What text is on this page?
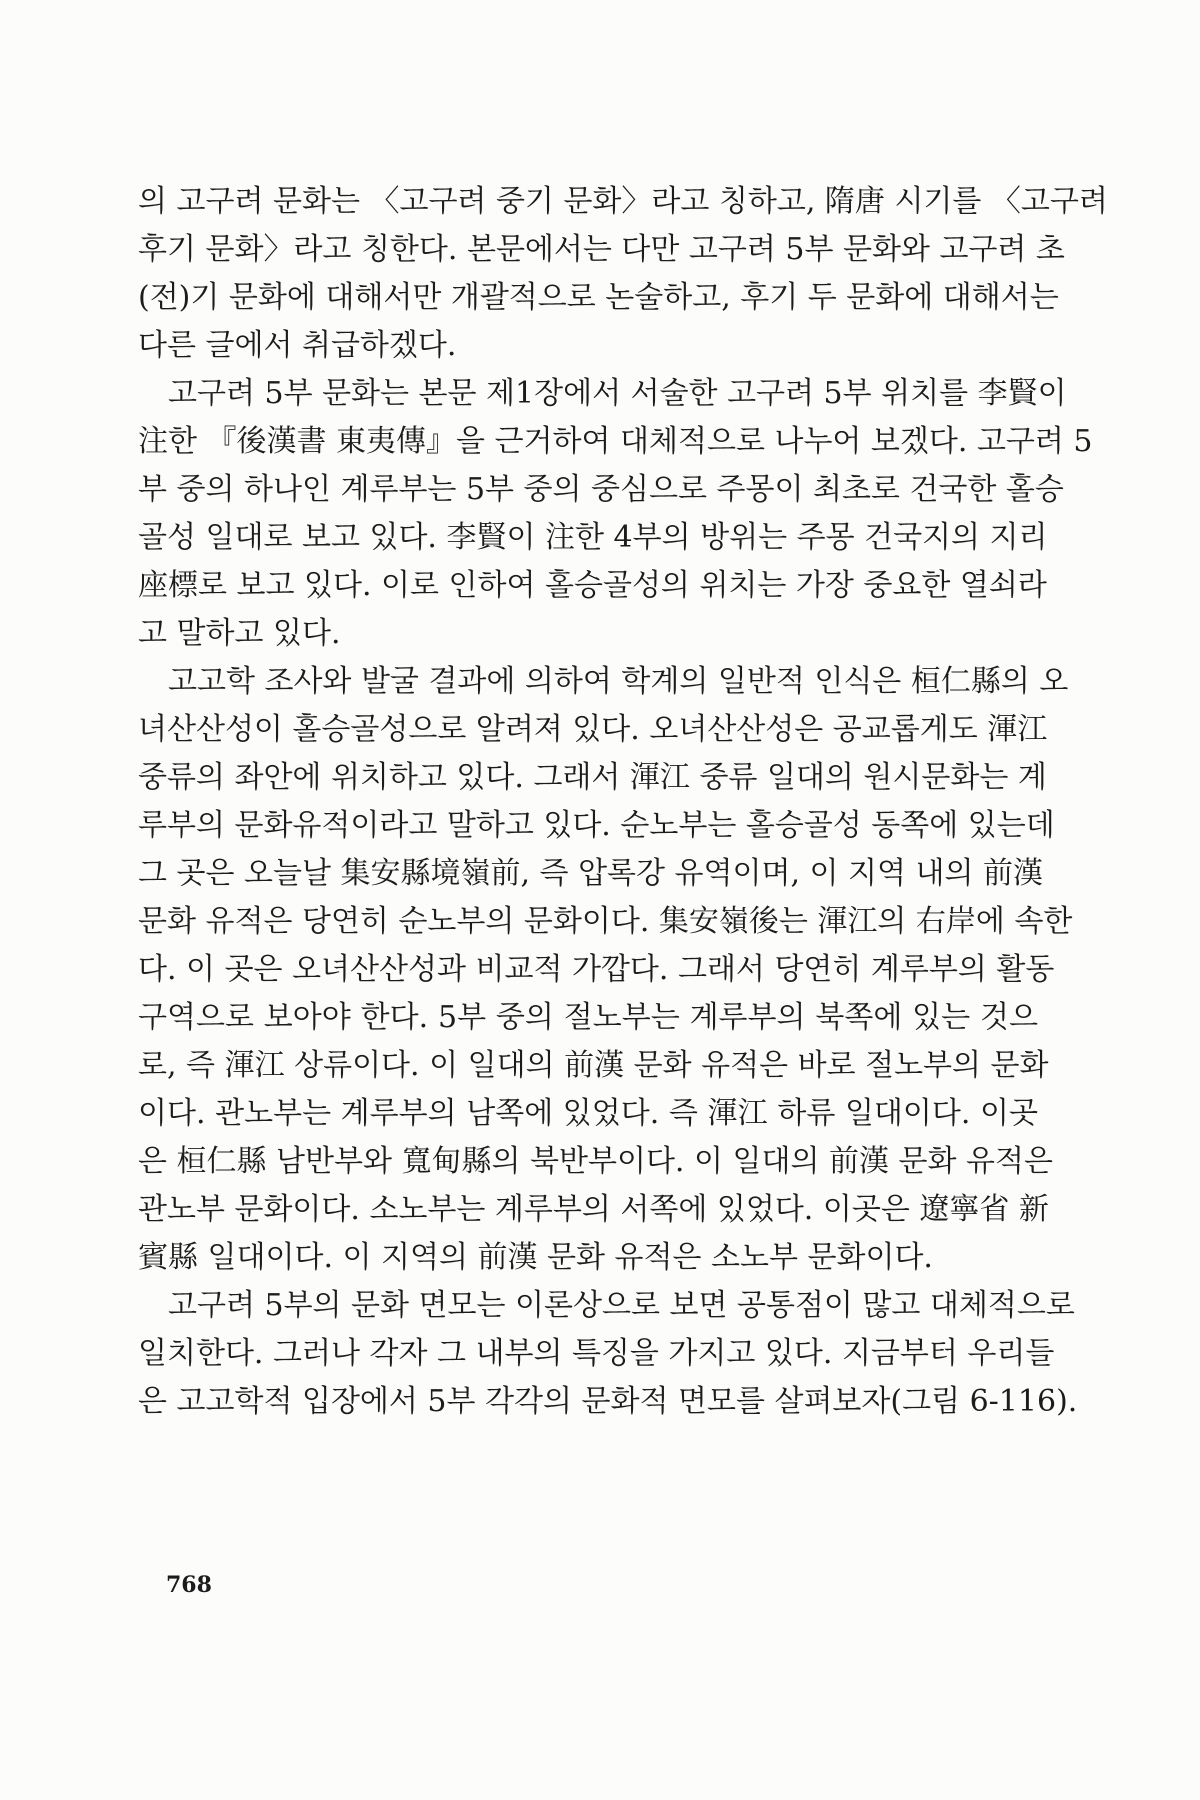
의 고구려 문화는 〈고구려 중기 문화〉라고 칭하고, 隋唐 시기를 〈고구려
후기 문화〉라고 칭한다. 본문에서는 다만 고구려 5부 문화와 고구려 초
(전)기 문화에 대해서만 개괄적으로 논술하고, 후기 두 문화에 대해서는
다른 글에서 취급하겠다.
고구려 5부 문화는 본문 제1장에서 서술한 고구려 5부 위치를 李賢이
注한 『後漢書 東夷傳』을 근거하여 대체적으로 나누어 보겠다. 고구려 5
부 중의 하나인 계루부는 5부 중의 중심으로 주몽이 최초로 건국한 홀승
골성 일대로 보고 있다. 李賢이 注한 4부의 방위는 주몽 건국지의 지리
座標로 보고 있다. 이로 인하여 홀승골성의 위치는 가장 중요한 열쇠라
고 말하고 있다.
고고학 조사와 발굴 결과에 의하여 학계의 일반적 인식은 桓仁縣의 오
녀산산성이 홀승골성으로 알려져 있다. 오녀산산성은 공교롭게도 渾江
중류의 좌안에 위치하고 있다. 그래서 渾江 중류 일대의 원시문화는 계
루부의 문화유적이라고 말하고 있다. 순노부는 홀승골성 동쪽에 있는데
그 곳은 오늘날 集安縣境嶺前, 즉 압록강 유역이며, 이 지역 내의 前漢
문화 유적은 당연히 순노부의 문화이다. 集安嶺後는 渾江의 右岸에 속한
다. 이 곳은 오녀산산성과 비교적 가깝다. 그래서 당연히 계루부의 활동
구역으로 보아야 한다. 5부 중의 절노부는 계루부의 북쪽에 있는 것으
로, 즉 渾江 상류이다. 이 일대의 前漢 문화 유적은 바로 절노부의 문화
이다. 관노부는 계루부의 남쪽에 있었다. 즉 渾江 하류 일대이다. 이곳
은 桓仁縣 남반부와 寬甸縣의 북반부이다. 이 일대의 前漢 문화 유적은
관노부 문화이다. 소노부는 계루부의 서쪽에 있었다. 이곳은 遼寧省 新
賓縣 일대이다. 이 지역의 前漢 문화 유적은 소노부 문화이다.
고구려 5부의 문화 면모는 이론상으로 보면 공통점이 많고 대체적으로
일치한다. 그러나 각자 그 내부의 특징을 가지고 있다. 지금부터 우리들
은 고고학적 입장에서 5부 각각의 문화적 면모를 살펴보자(그림 6-116).
768
